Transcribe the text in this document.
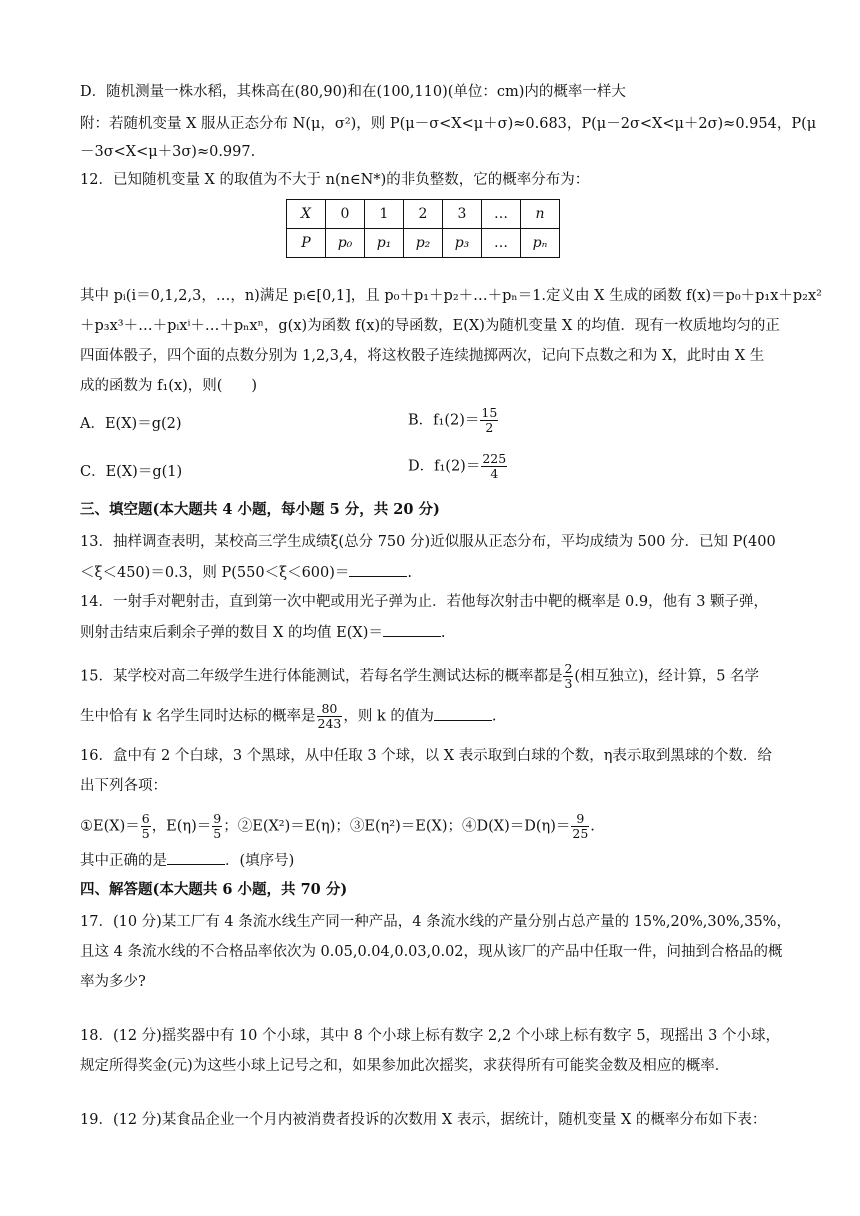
D．随机测量一株水稻，其株高在(80,90)和在(100,110)(单位：cm)内的概率一样大
附：若随机变量 X 服从正态分布 N(μ，σ²)，则 P(μ－σ<X<μ＋σ)≈0.683，P(μ－2σ<X<μ＋2σ)≈0.954，P(μ
－3σ<X<μ＋3σ)≈0.997.
12．已知随机变量 X 的取值为不大于 n(n∈N*)的非负整数，它的概率分布为：
X	0	1	2	3	…	n
P	p₀	p₁	p₂	p₃	…	pₙ
其中 pᵢ(i＝0,1,2,3，…，n)满足 pᵢ∈[0,1]，且 p₀＋p₁＋p₂＋…＋pₙ＝1.定义由 X 生成的函数 f(x)＝p₀＋p₁x＋p₂x²
＋p₃x³＋…＋pᵢxⁱ＋…＋pₙxⁿ，g(x)为函数 f(x)的导函数，E(X)为随机变量 X 的均值．现有一枚质地均匀的正
四面体骰子，四个面的点数分别为 1,2,3,4，将这枚骰子连续抛掷两次，记向下点数之和为 X，此时由 X 生
成的函数为 f₁(x)，则(　　)
A．E(X)＝g(2)	B．$f_1(2)= \frac{15}{2}$
C．E(X)＝g(1)	D．$f_1(2)= \frac{225}{4}$
三、填空题(本大题共 4 小题，每小题 5 分，共 20 分)
13．抽样调查表明，某校高三学生成绩ξ(总分 750 分)近似服从正态分布，平均成绩为 500 分．已知 P(400
＜ξ＜450)＝0.3，则 P(550＜ξ＜600)＝	.
14．一射手对靶射击，直到第一次中靶或用光子弹为止．若他每次射击中靶的概率是 0.9，他有 3 颗子弹，
则射击结束后剩余子弹的数目 X 的均值 E(X)＝	.
15．某学校对高二年级学生进行体能测试，若每名学生测试达标的概率都是 $\frac{2}{3}$ (相互独立)，经计算，5 名学
生中恰有 k 名学生同时达标的概率是 $\frac{80}{243}$ ，则 k 的值为	.
16．盒中有 2 个白球，3 个黑球，从中任取 3 个球，以 X 表示取到白球的个数，η表示取到黑球的个数．给
出下列各项：
①E(X)＝ $\frac{6}{5}$ ，$E(\eta)= \frac{9}{5}$ ；②E(X²)＝E(η)；③E(η²)＝E(X)；④D(X)＝D(η)＝ $\frac{9}{25}$ .
其中正确的是	．(填序号)
四、解答题(本大题共 6 小题，共 70 分)
17．(10 分)某工厂有 4 条流水线生产同一种产品，4 条流水线的产量分别占总产量的 15%,20%,30%,35%，
且这 4 条流水线的不合格品率依次为 0.05,0.04,0.03,0.02，现从该厂的产品中任取一件，问抽到合格品的概
率为多少?
18．(12 分)摇奖器中有 10 个小球，其中 8 个小球上标有数字 2,2 个小球上标有数字 5，现摇出 3 个小球，
规定所得奖金(元)为这些小球上记号之和，如果参加此次摇奖，求获得所有可能奖金数及相应的概率．
19．(12 分)某食品企业一个月内被消费者投诉的次数用 X 表示，据统计，随机变量 X 的概率分布如下表：
